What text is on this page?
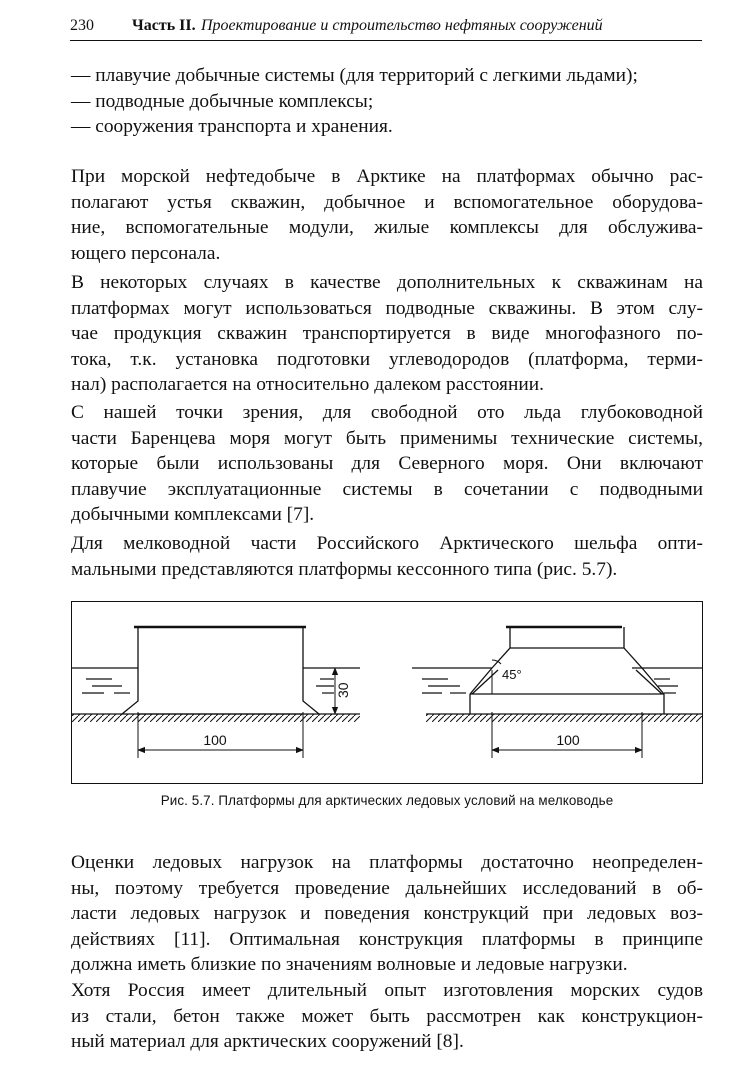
230 Часть II. Проектирование и строительство нефтяных сооружений
— плавучие добычные системы (для территорий с легкими льдами);
— подводные добычные комплексы;
— сооружения транспорта и хранения.
При морской нефтедобыче в Арктике на платформах обычно рас-
полагают устья скважин, добычное и вспомогательное оборудова-
ние, вспомогательные модули, жилые комплексы для обслужива-
ющего персонала.
В некоторых случаях в качестве дополнительных к скважинам на
платформах могут использоваться подводные скважины. В этом слу-
чае продукция скважин транспортируется в виде многофазного по-
тока, т.к. установка подготовки углеводородов (платформа, терми-
нал) располагается на относительно далеком расстоянии.
С нашей точки зрения, для свободной ото льда глубоководной
части Баренцева моря могут быть применимы технические системы,
которые были использованы для Северного моря. Они включают
плавучие эксплуатационные системы в сочетании с подводными
добычными комплексами [7].
Для мелководной части Российского Арктического шельфа опти-
мальными представляются платформы кессонного типа (рис. 5.7).
30
100
45°
100
Рис. 5.7. Платформы для арктических ледовых условий на мелководье
Оценки ледовых нагрузок на платформы достаточно неопределен-
ны, поэтому требуется проведение дальнейших исследований в об-
ласти ледовых нагрузок и поведения конструкций при ледовых воз-
действиях [11]. Оптимальная конструкция платформы в принципе
должна иметь близкие по значениям волновые и ледовые нагрузки.
Хотя Россия имеет длительный опыт изготовления морских судов
из стали, бетон также может быть рассмотрен как конструкцион-
ный материал для арктических сооружений [8].
